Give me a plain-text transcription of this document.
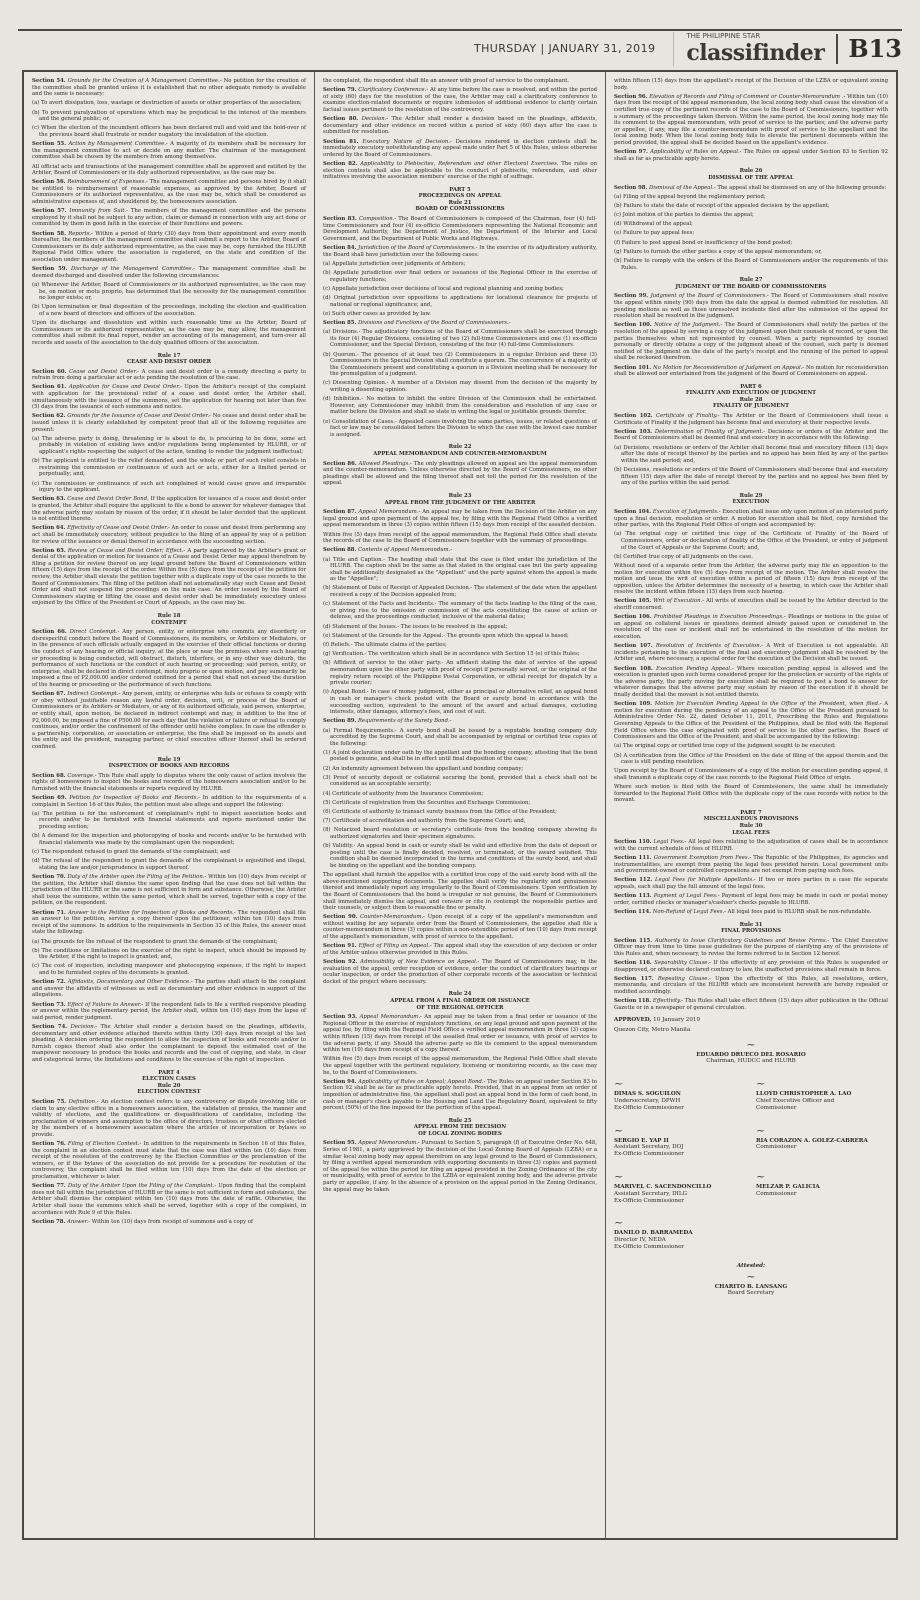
THURSDAY | JANUARY 31, 2019
THE PHILIPPINE STAR
classifinder	B13

Section 54. Grounds for the Creation of A Management Committee.- No petition for the creation of the committee shall be granted unless it is established that no other adequate remedy is available and the same is necessary:

(a) To avert dissipation, loss, wastage or destruction of assets or other properties of the association;

(b) To prevent paralyzation of operations which may be prejudicial to the interest of the members and the general public; or,

(c) When the election of the incumbent officers has been declared null and void and the hold-over of the previous board shall frustrate or render nugatory the invalidation of the election.

Section 55. Action by Management Committee.- A majority of its members shall be necessary for the management committee to act or decide on any matter. The chairman of the management committee shall be chosen by the members from among themselves.

All official acts and transactions of the management committee shall be approved and ratified by the Arbiter, Board of Commissioners or its duly authorized representative, as the case may be.

Section 56. Reimbursement of Expenses.- The management committee and persons hired by it shall be entitled to reimbursement of reasonable expenses, as approved by the Arbiter, Board of Commissioners or its authorized representative, as the case may be, which shall be considered as administrative expenses of, and shouldered by, the homeowners association.

Section 57. Immunity from Suit.- The members of the management committee and the persons employed by it shall not be subject to any action, claim or demand in connection with any act done or committed by them in good faith in the exercise of their functions and powers.

Section 58. Reports.- Within a period of thirty (30) days from their appointment and every month thereafter, the members of the management committee shall submit a report to the Arbiter, Board of Commissioners or its duly authorized representative, as the case may be, copy furnished the HLURB Regional Field Office where the association is registered, on the state and condition of the association under management.

Section 59. Discharge of the Management Committee.- The management committee shall be deemed discharged and dissolved under the following circumstances:

(a) Whenever the Arbiter, Board of Commissioners or its authorized representative, as the case may be, on motion or motu proprio, has determined that the necessity for the management committee no longer exists; or,

(b) Upon termination or final disposition of the proceedings, including the election and qualification of a new board of directors and officers of the association.

Upon its discharge and dissolution and within such reasonable time as the Arbiter, Board of Commissioners or its authorized representative, as the case may be, may allow, the management committee shall submit its final report, render an accounting of its management, and turn-over all records and assets of the association to the duly qualified officers of the association.

Rule 17
CEASE AND DESIST ORDER

Section 60. Cease and Desist Order.- A cease and desist order is a remedy directing a party to refrain from doing a particular act or acts pending the resolution of the case.

Section 61. Application for Cease and Desist Order.- Upon the Arbiter's receipt of the complaint with application for the provisional relief of a cease and desist order, the Arbiter shall, simultaneously with the issuance of the summons, set the application for hearing not later than five (5) days from the issuance of such summons and notice.

Section 62. Grounds for the Issuance of Cease and Desist Order.- No cease and desist order shall be issued unless it is clearly established by competent proof that all of the following requisites are present:

(a) The adverse party is doing, threatening or is about to do, is procuring to be done, some act probably in violation of existing laws and/or regulations being implemented by HLURB, or of applicant's rights respecting the subject of the action, tending to render the judgment ineffectual;

(b) The applicant is entitled to the relief demanded, and the whole or part of such relief consists in restraining the commission or continuance of such act or acts, either for a limited period or perpetually; and,

(c) The commission or continuance of such act complained of would cause grave and irreparable injury to the applicant.

Section 63. Cease and Desist Order Bond. If the application for issuance of a cease and desist order is granted, the Arbiter shall require the applicant to file a bond to answer for whatever damages that the adverse party may sustain by reason of the order, if it should be later decided that the applicant is not entitled thereto.

Section 64. Effectivity of Cease and Desist Order.- An order to cease and desist from performing any act shall be immediately executory, without prejudice to the filing of an appeal by way of a petition for review of the issuance or denial thereof in accordance with the succeeding section.

Section 65. Review of Cease and Desist Order; Effect.- A party aggrieved by the Arbiter's grant or denial of the application or motion for issuance of a Cease and Desist Order may appeal therefrom by filing a petition for review thereof on any legal ground before the Board of Commissioners within fifteen (15) days from the receipt of the order. Within five (5) days from the receipt of the petition for review, the Arbiter shall elevate the petition together with a duplicate copy of the case records to the Board of Commissioners. The filing of the petition shall not automatically stay such Cease and Desist Order and shall not suspend the proceedings on the main case. An order issued by the Board of Commissioners staying or lifting the cease and desist order shall be immediately executory unless enjoined by the Office of the President or Court of Appeals, as the case may be.

Rule 18
CONTEMPT

Section 66. Direct Contempt.- Any person, entity, or enterprise who commits any disorderly or disrespectful conduct before the Board of Commissioners, its members, or Arbiters or Mediators, or in the presence of such officials actually engaged in the exercise of their official functions or during the conduct of any hearing or official inquiry, at the place or near the premises where such hearing or proceeding is being conducted, will obstruct, disturb, interfere, or in any other way disturb, the performance of such functions or the conduct of such hearing or proceeding; said person, entity, or enterprise, shall be declared in direct contempt, motu proprio or upon motion, and pay summarily be imposed a fine of P2,000.00 and/or ordered confined for a period that shall not exceed the duration of the hearing or proceeding or the performance of such functions.

Section 67. Indirect Contempt.- Any person, entity, or enterprise who fails or refuses to comply with or obey without justifiable reason any lawful order, decision, writ, or process of the Board of Commissioners or its Arbiters or Mediators, or any of its authorized officials, said person, enterprise, or entity shall, upon motion, be declared in indirect contempt and may, in addition to the fine of P2,000.00, be imposed a fine of P500.00 for each day that the violation or failure or refusal to comply continues, and/or order the confinement of the offender until he/she complies. In case the offender is a partnership, corporation, or association or enterprise, the fine shall be imposed on its assets and the entity and the president, managing partner, or chief executive officer thereof shall be ordered confined.

Rule 19
INSPECTION OF BOOKS AND RECORDS

Section 68. Coverage.- This Rule shall apply to disputes where the only cause of action involves the rights of homeowners to inspect the books and records of the homeowners association and/or to be furnished with the financial statements or reports required by HLURB.

Section 69. Petition for Inspection of Books and Records.- In addition to the requirements of a complaint in Section 16 of this Rules, the petition must also allege and support the following:

(a) The petition is for the enforcement of complainant's right to inspect association books and records and/or to be furnished with financial statements and reports mentioned under the preceding section;

(b) A demand for the inspection and photocopying of books and records and/or to be furnished with financial statements was made by the complainant upon the respondent;

(c) The respondent refused to grant the demands of the complainant; and

(d) The refusal of the respondent to grant the demands of the complainant is unjustified and illegal, stating the law and/or jurisprudence in support thereof.

Section 70. Duty of the Arbiter upon the Filing of the Petition.- Within ten (10) days from receipt of the petition, the Arbiter shall dismiss the same upon finding that the case does not fall within the jurisdiction of the HLURB or the same is not sufficient in form and substance. Otherwise, the Arbiter shall issue the summons, within the same period, which shall be served, together with a copy of the petition, on the respondent.

Section 71. Answer to the Petition for Inspection of Books and Records.- The respondent shall file an answer to the petition, serving a copy thereof upon the petitioner, within ten (10) days from receipt of the summons. In addition to the requirements in Section 33 of this Rules, the answer must state the following:

(a) The grounds for the refusal of the respondent to grant the demands of the complainant;

(b) The conditions or limitations on the exercise of the right to inspect, which should be imposed by the Arbiter, if the right to inspect is granted; and,

(c) The cost of inspection, including manpower and photocopying expenses, if the right to inspect and to be furnished copies of the documents is granted.

Section 72. Affidavits, Documentary and Other Evidence.- The parties shall attach to the complaint and answer the affidavits of witnesses as well as documentary and other evidence in support of the allegations.

Section 73. Effect of Failure to Answer.- If the respondent fails to file a verified responsive pleading or answer within the reglementary period, the Arbiter shall, within ten (10) days from the lapse of said period, render judgment.

Section 74. Decision.- The Arbiter shall render a decision based on the pleadings, affidavits, documentary and other evidence attached thereto within thirty (30) days from receipt of the last pleading. A decision ordering the respondent to allow the inspection of books and records and/or to furnish copies thereof shall also order the complainant to deposit the estimated cost of the manpower necessary to produce the books and records and the cost of copying, and state, in clear and categorical terms, the limitations and conditions to the exercise of the right of inspection.

PART 4
ELECTION CASES
Rule 20
ELECTION CONTEST

Section 75. Definition.- An election contest refers to any controversy or dispute involving title or claim to any elective office in a homeowners association, the validation of proxies, the manner and validity of elections, and the qualifications or disqualifications of candidates, including the proclamation of winners and assumption to the office of directors, trustees or other officers elected by the members of a homeowners association where the articles of incorporation or bylaws so provide.

Section 76. Filing of Election Contest.- In addition to the requirements in Section 16 of this Rules, the complaint in an election contest must state that the case was filed within ten (10) days from receipt of the resolution of the controversy by the Election Committee or the proclamation of the winners, or if the bylaws of the association do not provide for a procedure for resolution of the controversy, the complaint shall be filed within ten (10) days from the date of the election or proclamation, whichever is later.

Section 77. Duty of the Arbiter Upon the Filing of the Complaint.- Upon finding that the complaint does not fall within the jurisdiction of HLURB or the same is not sufficient in form and substance, the Arbiter shall dismiss the complaint within ten (10) days from the date of raffle. Otherwise, the Arbiter shall issue the summons which shall be served, together with a copy of the complaint, in accordance with Rule 9 of this Rules.

Section 78. Answer.- Within ten (10) days from receipt of summons and a copy of

the complaint, the respondent shall file an answer with proof of service to the complainant.

Section 79. Clarificatory Conference.- At any time before the case is resolved, and within the period of sixty (60) days for the resolution of the case, the Arbiter may call a clarificatory conference to examine election-related documents or require submission of additional evidence to clarify certain factual issues pertinent to the resolution of the controversy.

Section 80. Decision.- The Arbiter shall render a decision based on the pleadings, affidavits, documentary and other evidence on record within a period of sixty (60) days after the case is submitted for resolution.

Section 81. Executory Nature of Decision.- Decisions rendered in election contests shall be immediately executory notwithstanding any appeal made under Part 5 of this Rules, unless otherwise ordered by the Board of Commissioners.

Section 82. Applicability to Plebiscites, Referendum and other Electoral Exercises. The rules on election contests shall also be applicable to the conduct of plebiscite, referendum, and other initiatives involving the association members' exercise of the right of suffrage.

PART 5
PROCEEDINGS ON APPEAL
Rule 21
BOARD OF COMMISSIONERS

Section 83. Composition.- The Board of Commissioners is composed of the Chairman, four (4) full-time Commissioners and four (4) ex-officio Commissioners representing the National Economic and Development Authority, the Department of Justice, the Department of the Interior and Local Government, and the Department of Public Works and Highways.

Section 84. Jurisdiction of the Board of Commissioners.- In the exercise of its adjudicatory authority, the Board shall have jurisdiction over the following cases:

(a) Appellate jurisdiction over judgments of Arbiters;

(b) Appellate jurisdiction over final orders or issuances of the Regional Officer in the exercise of regulatory functions;

(c) Appellate jurisdiction over decisions of local and regional planning and zoning bodies;

(d) Original jurisdiction over oppositions to applications for locational clearance for projects of national or regional significance; and,

(e) Such other cases as provided by law.

Section 85. Divisions and Functions of the Board of Commissioners.-

(a) Divisions.- The adjudicatory functions of the Board of Commissioners shall be exercised through its four (4) Regular Divisions, consisting of two (2) full-time Commissioners and one (1) ex-officio Commissioner, and the Special Division, consisting of the four (4) full-time Commissioners.

(b) Quorum.- The presence of at least two (2) Commissioners in a regular Division and three (3) Commissioners in the Special Division shall constitute a quorum. The concurrence of a majority of the Commissioners present and constituting a quorum in a Division meeting shall be necessary for the promulgation of a judgment.

(c) Dissenting Opinion.- A member of a Division may dissent from the decision of the majority by writing a dissenting opinion.

(d) Inhibition.- No motion to inhibit the entire Division of the Commission shall be entertained. However, any Commissioner may inhibit from the consideration and resolution of any case or matter before the Division and shall so state in writing the legal or justifiable grounds therefor.

(e) Consolidation of Cases.- Appealed cases involving the same parties, issues, or related questions of fact or law may be consolidated before the Division to which the case with the lowest case number is assigned.

Rule 22
APPEAL MEMORANDUM AND COUNTER-MEMORANDUM

Section 86. Allowed Pleadings.- The only pleadings allowed on appeal are the appeal memorandum and the counter-memorandum. Unless otherwise directed by the Board of Commissioners, no other pleadings shall be allowed and the filing thereof shall not toll the period for the resolution of the appeal.

Rule 23
APPEAL FROM THE JUDGMENT OF THE ARBITER

Section 87. Appeal Memorandum.- An appeal may be taken from the Decision of the Arbiter on any legal ground and upon payment of the appeal fee, by filing with the Regional Field Office a verified appeal memorandum in three (3) copies within fifteen (15) days from receipt of the assailed decision.

Within five (5) days from receipt of the appeal memorandum, the Regional Field Office shall elevate the records of the case to the Board of Commissioners together with the summary of proceedings.

Section 88. Contents of Appeal Memorandum.-

(a) Title and Caption.- The heading shall state that the case is filed under the jurisdiction of the HLURB. The caption shall be the same as that stated in the original case but the party appealing shall be additionally designated as the "Appellant" and the party against whom the appeal is made as the "Appellee";

(b) Statement of Date of Receipt of Appealed Decision.- The statement of the date when the appellant received a copy of the Decision appealed from;

(c) Statement of the Facts and Incidents.- The summary of the facts leading to the filing of the case, or giving rise to the omission or commission of the acts constituting the cause of action or defense, and the proceedings conducted, inclusive of the material dates;

(d) Statement of the Issues.- The issues to be resolved in the appeal;

(e) Statement of the Grounds for the Appeal.- The grounds upon which the appeal is based;

(f) Reliefs.- The ultimate claims of the parties;

(g) Verification.- The verification which shall be in accordance with Section 15 (e) of this Rules;

(h) Affidavit of service to the other party.- An affidavit stating the date of service of the appeal memorandum upon the other party with proof of receipt if personally served, or the original of the registry return receipt of the Philippine Postal Corporation, or official receipt for dispatch by a private courier;

(i) Appeal Bond.- In case of money judgment, either as principal or alternative relief, an appeal bond in cash or manager's check posted with the Board or surety bond in accordance with the succeeding section, equivalent to the amount of the award and actual damages, excluding interests, other damages, attorney's fees, and cost of suit.

Section 89. Requirements of the Surety Bond.-

(a) Formal Requirements.- A surety bond shall be issued by a reputable bonding company duly accredited by the Supreme Court, and shall be accompanied by original or certified true copies of the following:

(1) A joint declaration under oath by the appellant and the bonding company, attesting that the bond posted is genuine, and shall be in effect until final disposition of the case;

(2) An indemnity agreement between the appellant and bonding company;

(3) Proof of security deposit or collateral securing the bond, provided that a check shall not be considered as an acceptable security;

(4) Certificate of authority from the Insurance Commission;

(5) Certificate of registration from the Securities and Exchange Commission;

(6) Certificate of authority to transact surety business from the Office of the President;

(7) Certificate of accreditation and authority from the Supreme Court; and,

(8) Notarized board resolution or secretary's certificate from the bonding company showing its authorized signatories and their specimen signatures.

(b) Validity.- An appeal bond in cash or surety shall be valid and effective from the date of deposit or posting until the case is finally decided, resolved, or terminated, or the award satisfied. This condition shall be deemed incorporated in the terms and conditions of the surety bond, and shall be binding on the appellant and the bonding company.

The appellant shall furnish the appellee with a certified true copy of the said surety bond with all the above-mentioned supporting documents. The appellee shall verify the regularity and genuineness thereof and immediately report any irregularity to the Board of Commissioners. Upon verification by the Board of Commissioners that the bond is irregular or not genuine, the Board of Commissioners shall immediately dismiss the appeal, and censure or cite in contempt the responsible parties and their counsels, or subject them to reasonable fine or penalty.

Section 90. Counter-Memorandum.- Upon receipt of a copy of the appellant's memorandum and without waiting for any separate order from the Board of Commissioners, the appellee shall file a counter-memorandum in three (3) copies within a non-extendible period of ten (10) days from receipt of the appellant's memorandum, with proof of service to the appellant.

Section 91. Effect of Filing an Appeal.- The appeal shall stay the execution of any decision or order of the Arbiter unless otherwise provided in this Rules.

Section 92. Admissibility of New Evidence on Appeal.- The Board of Commissioners may, in the evaluation of the appeal, order reception of evidence, order the conduct of clarificatory hearings or ocular inspection, or order the production of other corporate records of the association or technical docket of the project where necessary.

Rule 24
APPEAL FROM A FINAL ORDER OR ISSUANCE
OF THE REGIONAL OFFICER

Section 93. Appeal Memorandum.- An appeal may be taken from a final order or issuance of the Regional Officer in the exercise of regulatory functions, on any legal ground and upon payment of the appeal fee, by filing with the Regional Field Office a verified appeal memorandum in three (3) copies within fifteen (15) days from receipt of the assailed final order or issuance, with proof of service to the adverse party, if any. Should the adverse party so file its comment to the appeal memorandum within ten (10) days from receipt of a copy thereof.

Within five (5) days from receipt of the appeal memorandum, the Regional Field Office shall elevate the appeal together with the pertinent regulatory, licensing or monitoring records, as the case may be, to the Board of Commissioners.

Section 94. Applicability of Rules on Appeal; Appeal Bond.- The Rules on appeal under Section 83 to Section 92 shall be as far as practicable apply hereto. Provided, that in an appeal from an order of imposition of administrative fine, the appellant shall post an appeal bond in the form of cash bond, in cash or manager's check payable to the Housing and Land Use Regulatory Board, equivalent to fifty percent (50%) of the fine imposed for the perfection of the appeal.

Rule 25
APPEAL FROM THE DECISION
OF LOCAL ZONING BODIES

Section 95. Appeal Memorandum.- Pursuant to Section 5, paragraph (f) of Executive Order No. 648, Series of 1981, a party aggrieved by the decision of the Local Zoning Board of Appeals (LZBA) or a similar local zoning body may appeal therefrom on any legal ground to the Board of Commissioners, by filing a verified appeal memorandum with supporting documents in three (3) copies and payment of the appeal fee within the period for filing an appeal provided in the Zoning Ordinance of the city or municipality, with proof of service to the LZBA or equivalent zoning body, and the adverse private party or appellee, if any. In the absence of a provision on the appeal period in the Zoning Ordinance, the appeal may be taken

within fifteen (15) days from the appellant's receipt of the Decision of the LZBA or equivalent zoning body.

Section 96. Elevation of Records and Filing of Comment or Counter-Memorandum .- Within ten (10) days from the receipt of the appeal memorandum, the local zoning body shall cause the elevation of a certified true copy of the pertinent records of the case to the Board of Commissioners, together with a summary of the proceedings taken thereon. Within the same period, the local zoning body may file its comment to the appeal memorandum, with proof of service to the parties; and the adverse party or appellee, if any, may file a counter-memorandum with proof of service to the appellant and the local zoning body. When the local zoning body fails to elevate the pertinent documents within the period provided, the appeal shall be decided based on the appellant's evidence.

Section 97. Applicability of Rules on Appeal.- The Rules on appeal under Section 83 to Section 92 shall as far as practicable apply hereto.

Rule 26
DISMISSAL OF THE APPEAL

Section 98. Dismissal of the Appeal.- The appeal shall be dismissed on any of the following grounds:

(a) Filing of the appeal beyond the reglementary period;

(b) Failure to state the date of receipt of the appealed decision by the appellant;

(c) Joint motion of the parties to dismiss the appeal;

(d) Withdrawal of the appeal;

(e) Failure to pay appeal fees;

(f) Failure to post appeal bond or insufficiency of the bond posted;

(g) Failure to furnish the other parties a copy of the appeal memorandum; or,

(h) Failure to comply with the orders of the Board of Commissioners and/or the requirements of this Rules.

Rule 27
JUDGMENT OF THE BOARD OF COMMISSIONERS

Section 99. Judgment of the Board of Commissioners.- The Board of Commissioners shall resolve the appeal within ninety (90) days from the date the appeal is deemed submitted for resolution. All pending motions as well as those unresolved incidents filed after the submission of the appeal for resolution shall be resolved in the judgment.

Section 100. Notice of the Judgment.- The Board of Commissioners shall notify the parties of the resolution of the appeal by serving a copy of the judgment upon their counsels of record, or upon the parties themselves when not represented by counsel. When a party represented by counsel personally or directly obtains a copy of the judgment ahead of the counsel, such party is deemed notified of the judgment on the date of the party's receipt and the running of the period to appeal shall be reckoned therefrom.

Section 101. No Motion for Reconsideration of Judgment on Appeal.- No motion for reconsideration shall be allowed nor entertained from the judgment of the Board of Commissioners on appeal.

PART 6
FINALITY AND EXECUTION OF JUDGMENT
Rule 28
FINALITY OF JUDGMENT

Section 102. Certificate of Finality.- The Arbiter or the Board of Commissioners shall issue a Certificate of Finality if the judgment has become final and executory at their respective levels.

Section 103. Determination of Finality of Judgment.- Decisions or orders of the Arbiter and the Board of Commissioners shall be deemed final and executory in accordance with the following:

(a) Decisions, resolutions or orders of the Arbiter shall become final and executory fifteen (15) days after the date of receipt thereof by the parties and no appeal has been filed by any of the parties within the said period; and,

(b) Decisions, resolutions or orders of the Board of Commissioners shall become final and executory fifteen (15) days after the date of receipt thereof by the parties and no appeal has been filed by any of the parties within the said period.

Rule 29
EXECUTION

Section 104. Execution of Judgments.- Execution shall issue only upon motion of an interested party upon a final decision, resolution or order. A motion for execution shall be filed, copy furnished the other parties, with the Regional Field Office of origin and accompanied by:

(a) The original copy or certified true copy of the Certificate of Finality of the Board of Commissioners, order or declaration of finality of the Office of the President, or entry of judgment of the Court of Appeals or the Supreme Court; and,

(b) Certified true copy of all judgments on the case.

Without need of a separate order from the Arbiter, the adverse party may file an opposition to the motion for execution within five (5) days from receipt of the motion. The Arbiter shall resolve the motion and issue the writ of execution within a period of fifteen (15) days from receipt of the opposition, unless the Arbiter determines the necessity of a hearing, in which case the Arbiter shall resolve the incident within fifteen (15) days from such hearing.

Section 105. Writ of Execution.- All writs of execution shall be issued by the Arbiter directed to the sheriff concerned.

Section 106. Prohibited Pleadings in Execution Proceedings.- Pleadings or motions in the guise of an appeal on collateral issues or questions deemed already passed upon or considered in the resolution of the case or incident shall not be entertained in the resolution of the motion for execution.

Section 107. Resolution of Incidents of Execution.- A Writ of Execution is not appealable. All incidents pertaining to the execution of the final and executory judgment shall be resolved by the Arbiter and, where necessary, a special order for the execution of the Decision shall be issued.

Section 108. Execution Pending Appeal.- Where execution pending appeal is allowed and the execution is granted upon such terms considered proper for the protection or security of the rights of the adverse party, the party moving for execution shall be required to post a bond to answer for whatever damages that the adverse party may sustain by reason of the execution if it should be finally decided that the movant is not entitled thereto.

Section 109. Motion for Execution Pending Appeal to the Office of the President, when filed.- A motion for execution during the pendency of an appeal to the Office of the President pursuant to Administrative Order No. 22, dated October 11, 2011, Prescribing the Rules and Regulations Governing Appeals to the Office of the President of the Philippines, shall be filed with the Regional Field Office where the case originated with proof of service to the other parties, the Board of Commissioners and the Office of the President, and shall be accompanied by the following:

(a) The original copy or certified true copy of the judgment sought to be executed;

(b) A certification from the Office of the President on the date of filing of the appeal therein and the case is still pending resolution.

Upon receipt by the Board of Commissioners of a copy of the motion for execution pending appeal, it shall transmit a duplicate copy of the case records to the Regional Field Office of origin.

Where such motion is filed with the Board of Commissioners, the same shall be immediately forwarded to the Regional Field Office with the duplicate copy of the case records with notice to the movant.

PART 7
MISCELLANEOUS PROVISIONS
Rule 30
LEGAL FEES

Section 110. Legal Fees.- All legal fees relating to the adjudication of cases shall be in accordance with the current schedule of fees of HLURB.

Section 111. Government Exemption from Fees.- The Republic of the Philippines, its agencies and instrumentalities, are exempt from paying the legal fees provided herein. Local government units and government-owned or controlled corporations are not exempt from paying such fees.

Section 112. Legal Fees for Multiple Appellants.- If two or more parties in a case file separate appeals, each shall pay the full amount of the legal fees.

Section 113. Payment of Legal Fees.- Payment of legal fees may be made in cash or postal money order, certified checks or manager's/cashier's checks payable to HLURB.

Section 114. Non-Refund of Legal Fees.- All legal fees paid to HLURB shall be non-refundable.

Rule 31
FINAL PROVISIONS

Section 115. Authority to Issue Clarificatory Guidelines and Revise Forms.- The Chief Executive Officer may from time to time issue guidelines for the purpose of clarifying any of the provisions of this Rules and, when necessary, to revise the forms referred to in Section 12 hereof.

Section 116. Separability Clause.- If the effectivity of any provision of this Rules is suspended or disapproved, or otherwise declared contrary to law, the unaffected provisions shall remain in force.

Section 117. Repealing Clause.- Upon the effectivity of this Rules, all resolutions, orders, memoranda, and circulars of the HLURB which are inconsistent herewith are hereby repealed or modified accordingly.

Section 118. Effectivity.- This Rules shall take effect fifteen (15) days after publication in the Official Gazette or in a newspaper of general circulation.

APPROVED, 10 January 2019

Quezon City, Metro Manila

~
EDUARDO DRUECO DEL ROSARIO
Chairman, HUDCC and HLURB
~
DIMAS S. SOGUILON
Undersecretary, DPWH
Ex-Officio Commissioner
~
LLOYD CHRISTOPHER A. LAO
Chief Executive Officer and
Commissioner
~
SERGIO E. YAP II
Assistant Secretary, DOJ
Ex-Officio Commissioner
~
RIA CORAZON A. GOLEZ-CABRERA
Commissioner
~
MARIVEL C. SACENDONCILLO
Assistant Secretary, DILG
Ex-Officio Commissioner
~
MELZAR P. GALICIA
Commissioner
~
DANILO D. BARRAMEDA
Director IV, NEDA
Ex-Officio Commissioner
Attested:
~
CHARITO B. LANSANG
Board Secretary
